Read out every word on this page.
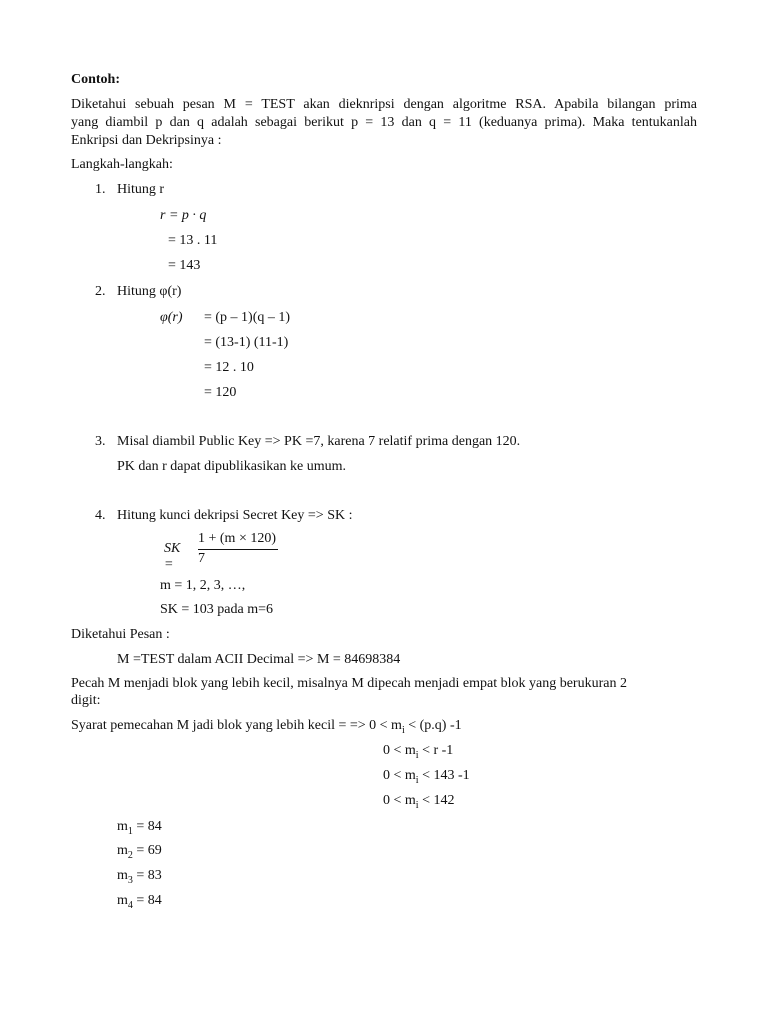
Contoh:
Diketahui sebuah pesan M = TEST akan dieknripsi dengan algoritme RSA. Apabila bilangan prima
yang diambil p dan q adalah sebagai berikut p = 13 dan q = 11 (keduanya prima). Maka tentukanlah
Enkripsi dan Dekripsinya :
Langkah-langkah:
1. Hitung r
r = p · q
= 13 . 11
= 143
2. Hitung φ(r)
φ(r) = (p – 1)(q – 1)
= (13-1) (11-1)
= 12 . 10
= 120
3. Misal diambil Public Key => PK =7, karena 7 relatif prima dengan 120.
PK dan r dapat dipublikasikan ke umum.
4. Hitung kunci dekripsi Secret Key => SK :
SK =
1 + (m × 120)
7
m = 1, 2, 3, …,
SK = 103 pada m=6
Diketahui Pesan :
M =TEST dalam ACII Decimal => M = 84698384
Pecah M menjadi blok yang lebih kecil, misalnya M dipecah menjadi empat blok yang berukuran 2
digit:
Syarat pemecahan M jadi blok yang lebih kecil = => $0 < m_i < (p.q)$ -1
$0 < m_i < r$ -1
$0 < m_i < 143$ -1
$0 < m_i < 142$
$m_1 = 84$
$m_2 = 69$
$m_3 = 83$
$m_4 = 84$
